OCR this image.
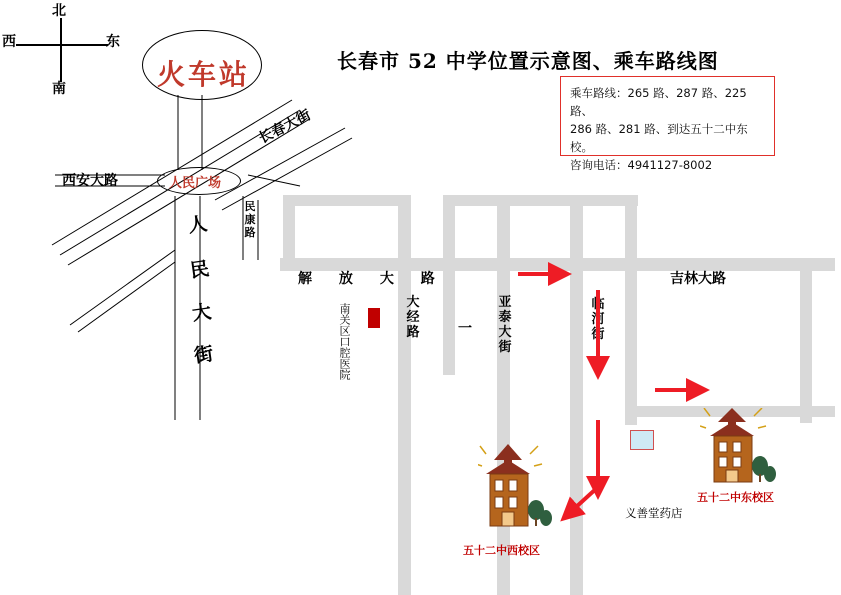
北
南
西	东
长春市 52 中学位置示意图、乘车路线图
乘车路线：265 路、287 路、225 路、
286 路、281 路、到达五十二中东校。
咨询电话：4941127-8002
火车站
人民广场
西安大路
长春大街
吉林大路
解 放 大 路
人
民
大
街
民
康
路
大
经
路	一
亚
泰
大
街
临
河
街
南关区口腔医院
义善堂药店
五十二中西校区
五十二中东校区
